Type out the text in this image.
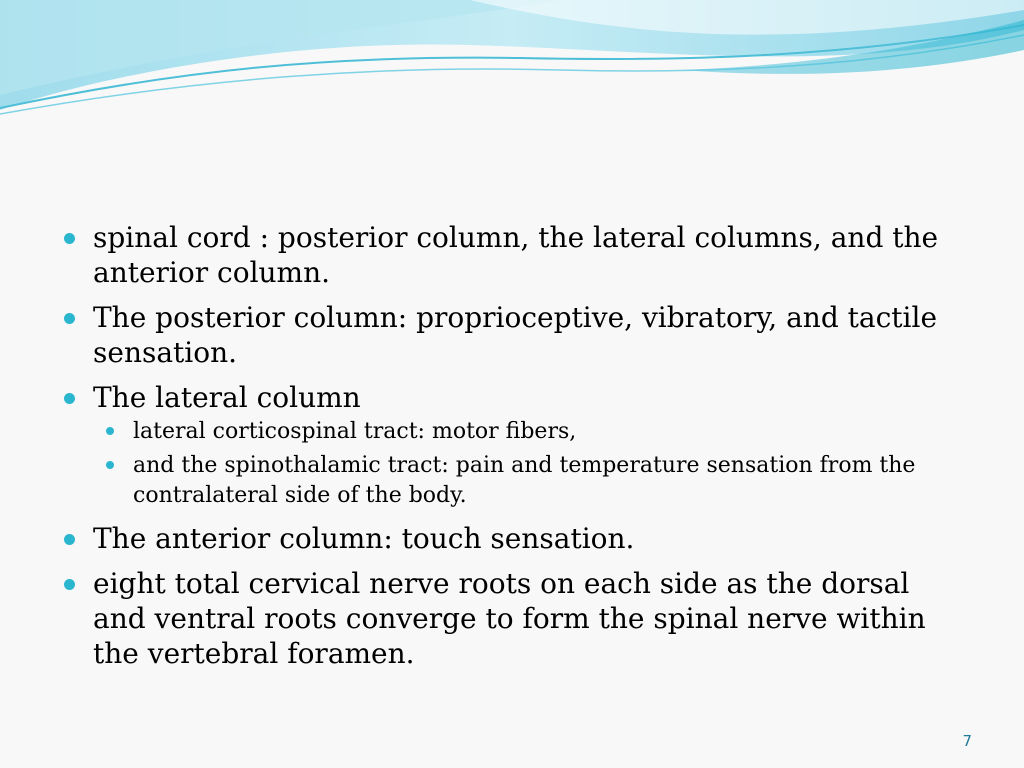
spinal cord : posterior column, the lateral columns, and the anterior column.
The posterior column: proprioceptive, vibratory, and tactile sensation.
The lateral column
lateral corticospinal tract: motor fibers,
and the spinothalamic tract: pain and temperature sensation from the contralateral side of the body.
The anterior column: touch sensation.
eight total cervical nerve roots on each side as the dorsal and ventral roots converge to form the spinal nerve within the vertebral foramen.
7
